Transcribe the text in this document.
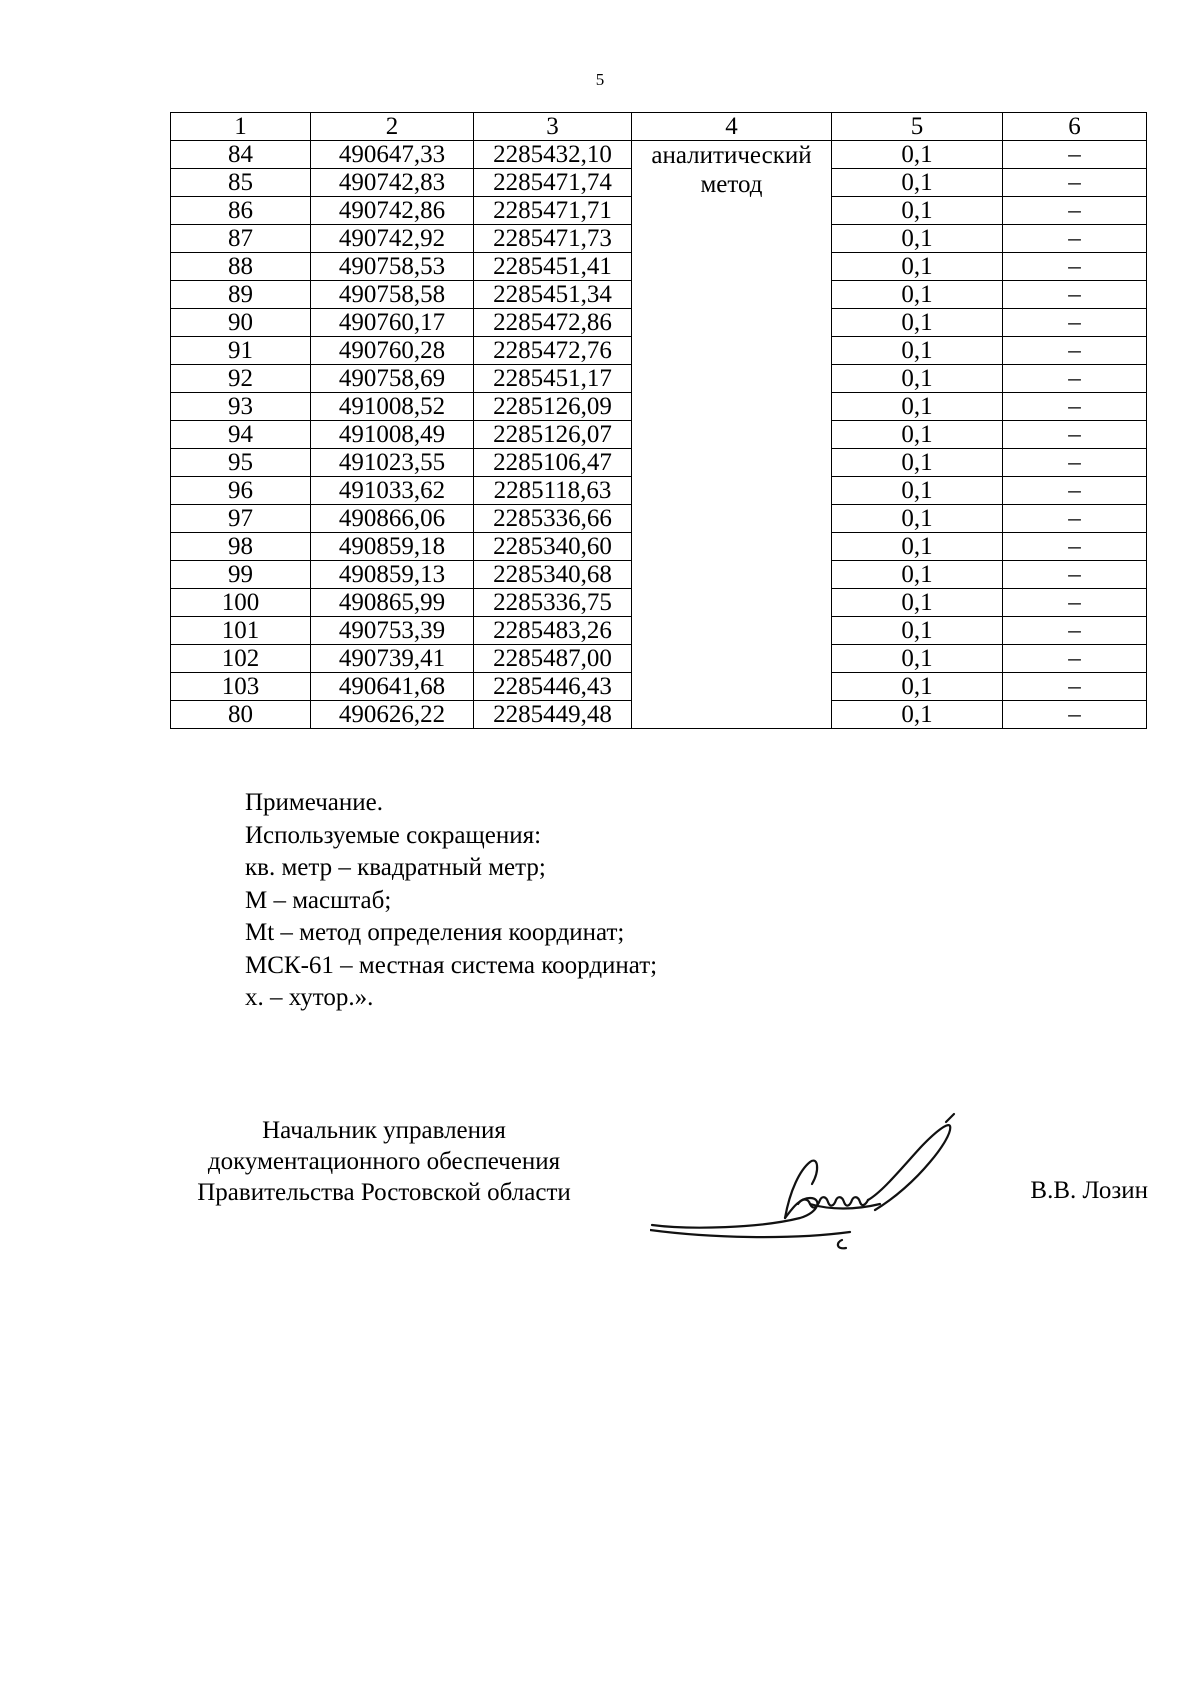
5
1	2	3	4	5	6
84	490647,33	2285432,10	аналитический
метод	0,1	–
85	490742,83	2285471,74		0,1	–
86	490742,86	2285471,71		0,1	–
87	490742,92	2285471,73		0,1	–
88	490758,53	2285451,41		0,1	–
89	490758,58	2285451,34		0,1	–
90	490760,17	2285472,86		0,1	–
91	490760,28	2285472,76		0,1	–
92	490758,69	2285451,17		0,1	–
93	491008,52	2285126,09		0,1	–
94	491008,49	2285126,07		0,1	–
95	491023,55	2285106,47		0,1	–
96	491033,62	2285118,63		0,1	–
97	490866,06	2285336,66		0,1	–
98	490859,18	2285340,60		0,1	–
99	490859,13	2285340,68		0,1	–
100	490865,99	2285336,75		0,1	–
101	490753,39	2285483,26		0,1	–
102	490739,41	2285487,00		0,1	–
103	490641,68	2285446,43		0,1	–
80	490626,22	2285449,48		0,1	–
Примечание.
Используемые сокращения:
кв. метр – квадратный метр;
М – масштаб;
Mt – метод определения координат;
МСК-61 – местная система координат;
х. – хутор.».
Начальник управления
документационного обеспечения
Правительства Ростовской области	В.В. Лозин
